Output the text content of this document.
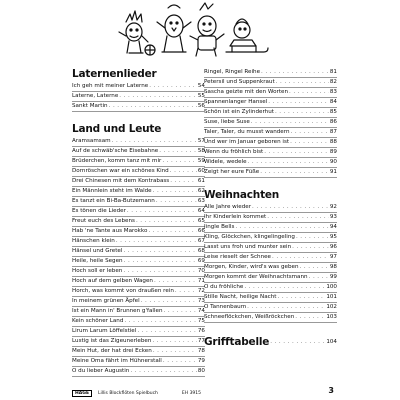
Laternenlieder
Ich geh mit meiner Laterne . . .	54
Laterne, Laterne . . .	55
Sankt Martin . . .	56
Land und Leute
Aramsamsam . . .	57
Auf de schwäb'sche Eisebahne . . .	58
Brüderchen, komm tanz mit mir . . .	59
Dornröschen war ein schönes Kind . . .	60
Drei Chinesen mit dem Kontrabass . . .	61
Ein Männlein steht im Walde . . .	62
Es tanzt ein Bi-Ba-Butzemann . . .	63
Es tönen die Lieder . . .	64
Freut euch des Lebens . . .	65
Hab 'ne Tante aus Marokko . . .	66
Hänschen klein . . .	67
Hänsel und Gretel . . .	68
Heile, heile Segen . . .	69
Hoch soll er leben . . .	70
Hoch auf dem gelben Wagen . . .	71
Horch, was kommt von draußen rein . . .	72
In meinem grünen Äpfel . . .	73
Ist ein Mann in' Brunnen g'fallen . . .	74
Kein schöner Land . . .	75
Lirum Larum Löffelstiel . . .	76
Lustig ist das Zigeunerleben . . .	77
Mein Hut, der hat drei Ecken . . .	78
Meine Oma fährt im Hühnerstall . . .	79
O du lieber Augustin . . .	80
Ringel, Ringel Reihe . . .	81
Petersil und Suppenkraut . . .	82
Sascha geizte mit den Worten . . .	83
Spannenlanger Hansel . . .	84
Schön ist ein Zylinderhut . . .	85
Suse, liebe Suse . . .	86
Taler, Taler, du musst wandern . . .	87
Und wer im Januar geboren ist . . .	88
Wenn du fröhlich bist . . .	89
Widele, wedele . . .	90
Zeigt her eure Füße . . .	91
Weihnachten
Alle Jahre wieder . . .	92
Ihr Kinderlein kommet . . .	93
Jingle Bells . . .	94
Kling, Glöckchen, klingelingeling . . .	95
Lasst uns froh und munter sein . . .	96
Leise rieselt der Schnee . . .	97
Morgen, Kinder, wird's was geben . . .	98
Morgen kommt der Weihnachtsmann . . .	99
O du fröhliche . . .	100
Stille Nacht, heilige Nacht . . .	101
O Tannenbaum . . .	102
Schneeflöckchen, Weißröckchen . . .	103
Grifftabelle . . .	104
HAGE	Lillis Blockflöten Spielbuch	EH 3915	3
